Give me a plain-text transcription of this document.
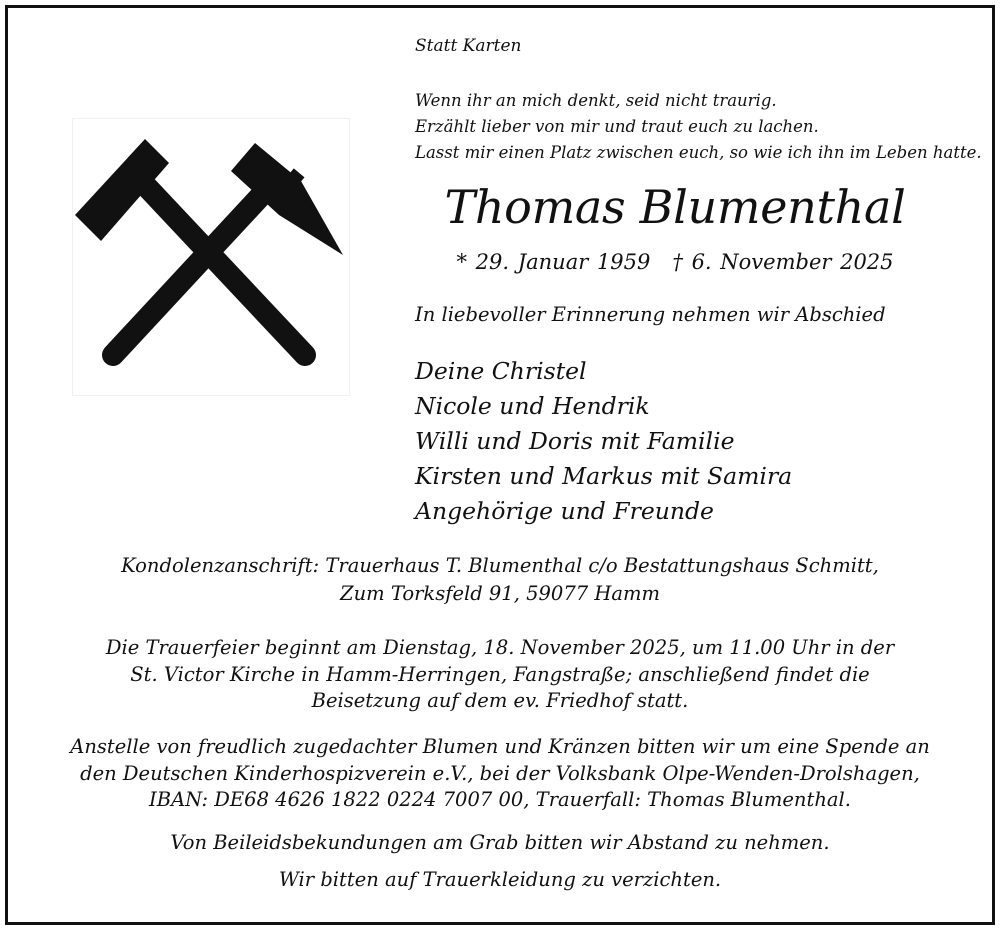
Statt Karten

Wenn ihr an mich denkt, seid nicht traurig.

Erzählt lieber von mir und traut euch zu lachen.

Lasst mir einen Platz zwischen euch, so wie ich ihn im Leben hatte.

Thomas Blumenthal

* 29. Januar 1959 † 6. November 2025

In liebevoller Erinnerung nehmen wir Abschied

Deine Christel

Nicole und Hendrik

Willi und Doris mit Familie

Kirsten und Markus mit Samira

Angehörige und Freunde

Kondolenzanschrift: Trauerhaus T. Blumenthal c/o Bestattungshaus Schmitt,
Zum Torksfeld 91, 59077 Hamm

Die Trauerfeier beginnt am Dienstag, 18. November 2025, um 11.00 Uhr in der
St. Victor Kirche in Hamm-Herringen, Fangstraße; anschließend findet die
Beisetzung auf dem ev. Friedhof statt.

Anstelle von freudlich zugedachter Blumen und Kränzen bitten wir um eine Spende an
den Deutschen Kinderhospizverein e.V., bei der Volksbank Olpe-Wenden-Drolshagen,
IBAN: DE68 4626 1822 0224 7007 00, Trauerfall: Thomas Blumenthal.

Von Beileidsbekundungen am Grab bitten wir Abstand zu nehmen.

Wir bitten auf Trauerkleidung zu verzichten.
